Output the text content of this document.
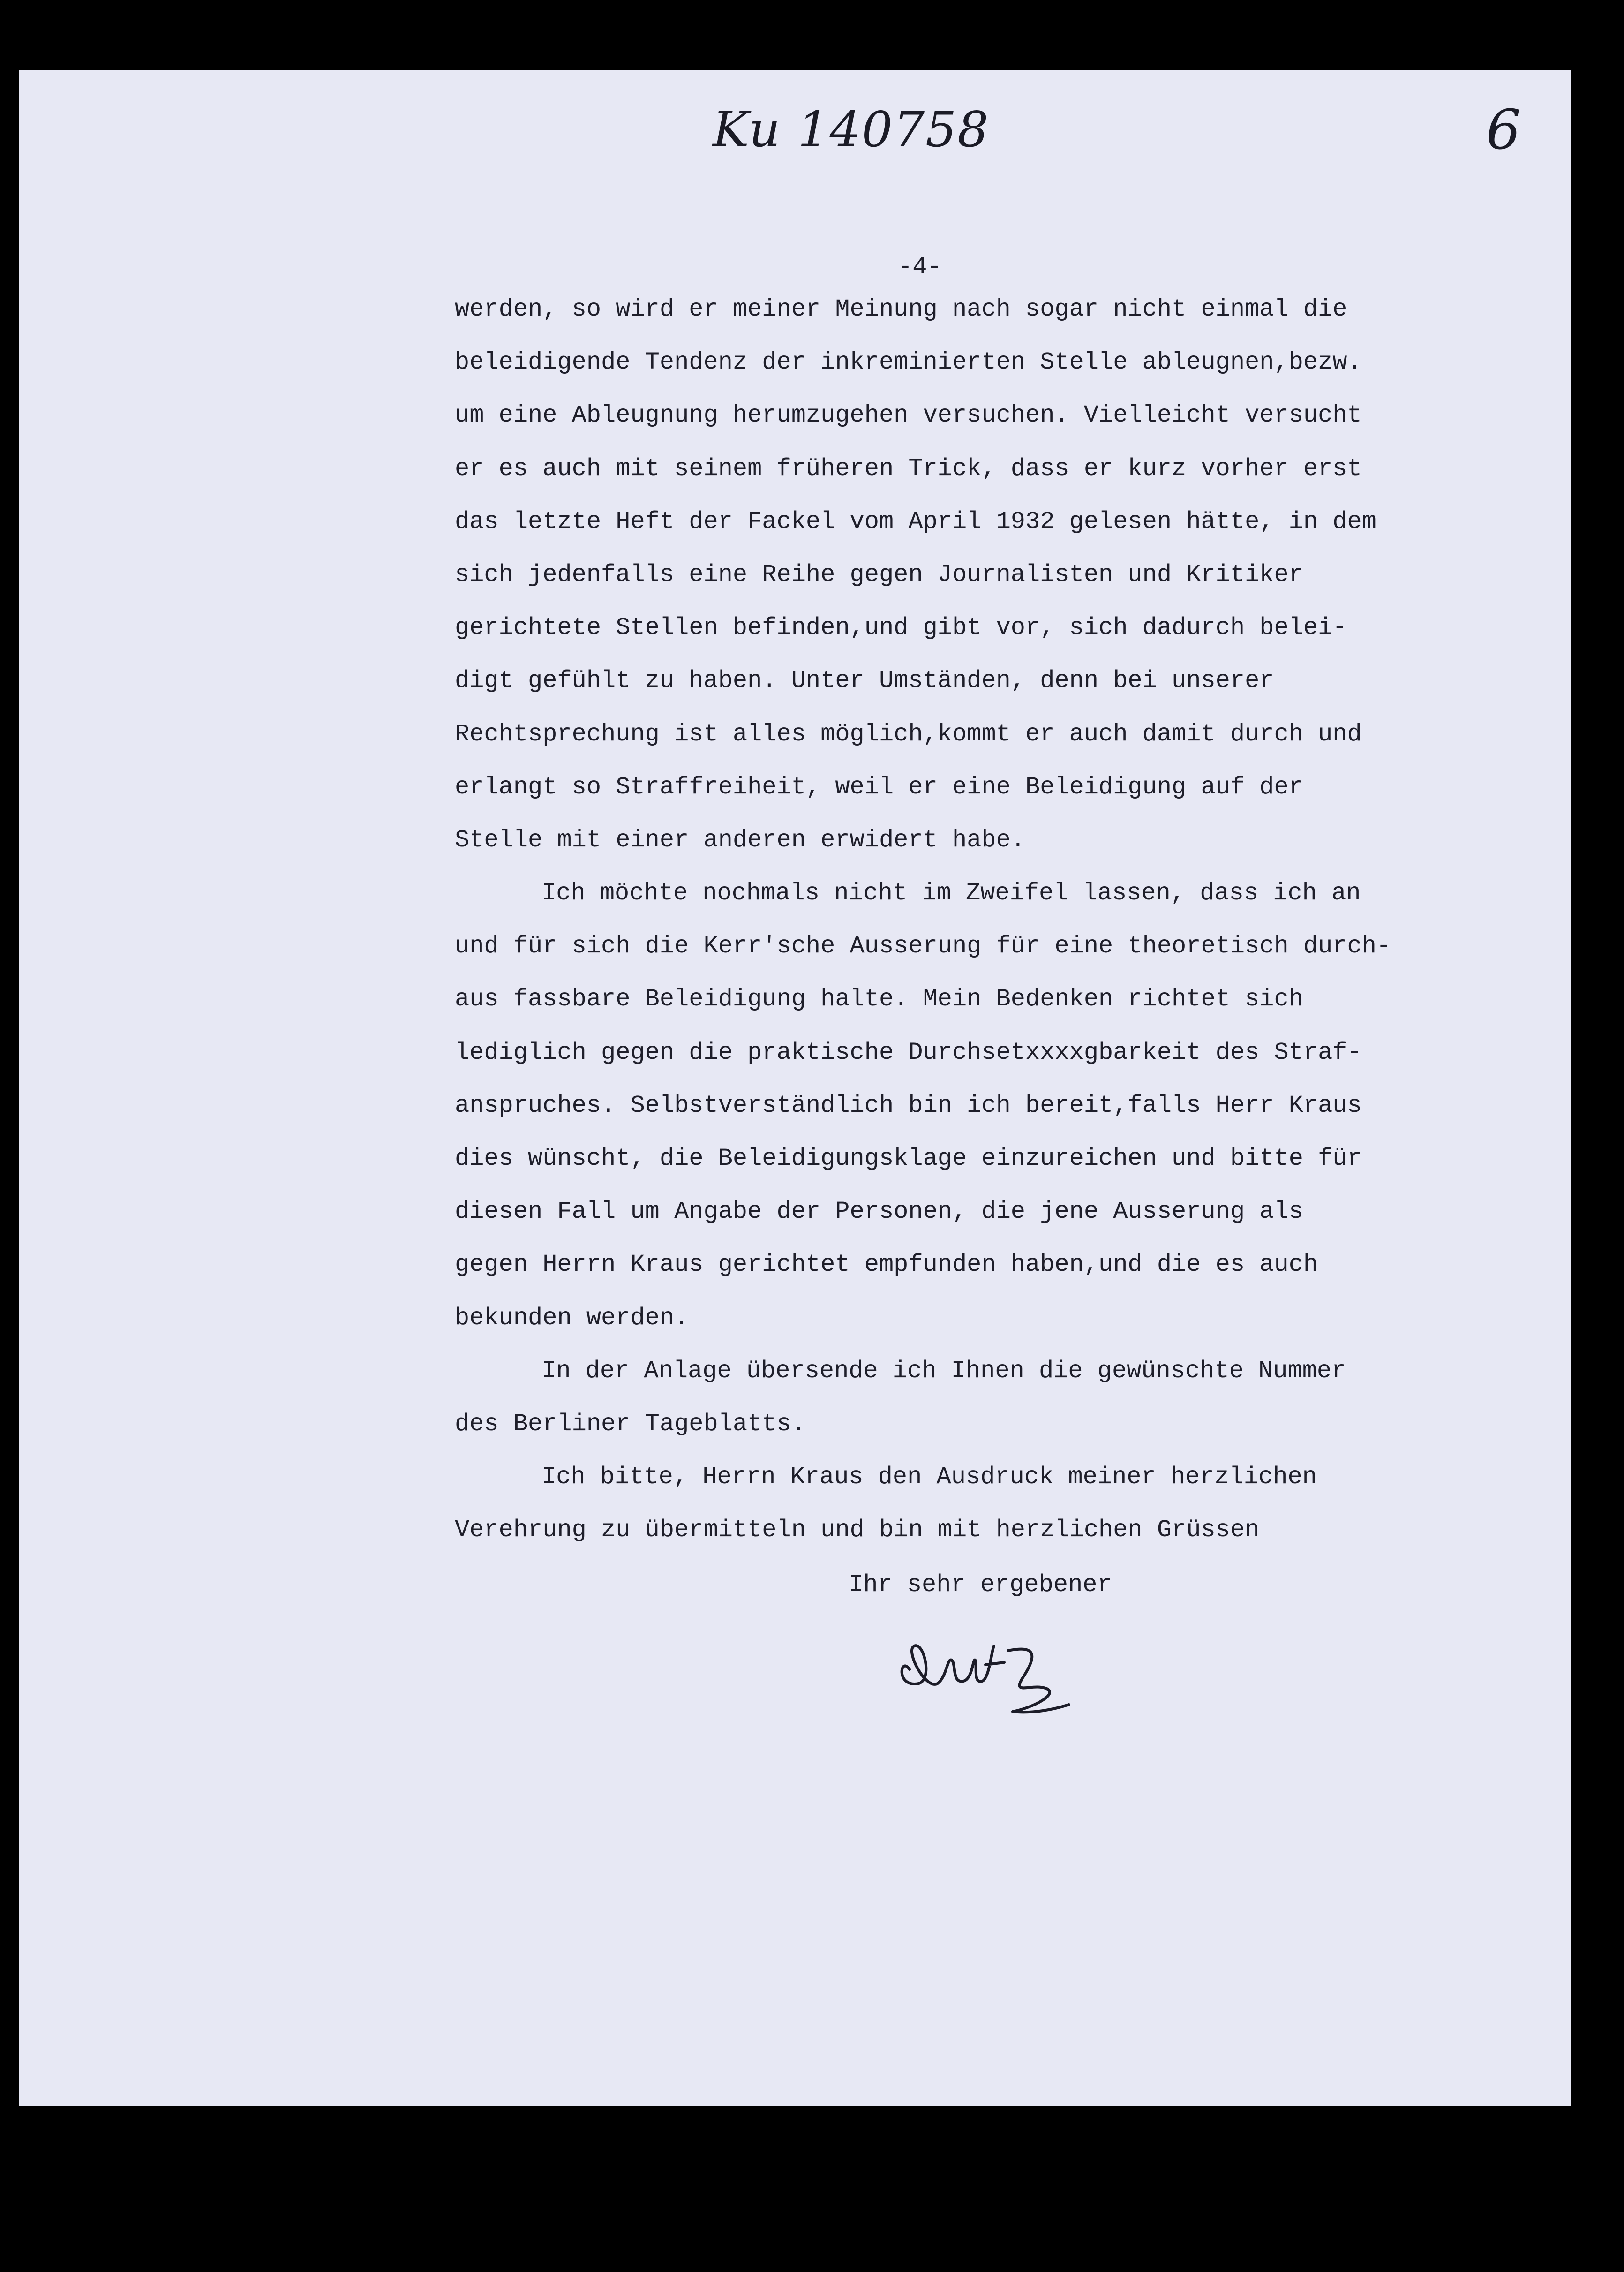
Ku 140758	6
-4-
werden, so wird er meiner Meinung nach sogar nicht einmal die
beleidigende Tendenz der inkreminierten Stelle ableugnen,bezw.
um eine Ableugnung herumzugehen versuchen. Vielleicht versucht
er es auch mit seinem früheren Trick, dass er kurz vorher erst
das letzte Heft der Fackel vom April 1932 gelesen hätte, in dem
sich jedenfalls eine Reihe gegen Journalisten und Kritiker
gerichtete Stellen befinden,und gibt vor, sich dadurch belei-
digt gefühlt zu haben. Unter Umständen, denn bei unserer
Rechtsprechung ist alles möglich,kommt er auch damit durch und
erlangt so Straffreiheit, weil er eine Beleidigung auf der
Stelle mit einer anderen erwidert habe.
Ich möchte nochmals nicht im Zweifel lassen, dass ich an
und für sich die Kerr'sche Ausserung für eine theoretisch durch-
aus fassbare Beleidigung halte. Mein Bedenken richtet sich
lediglich gegen die praktische Durchsetxxxxgbarkeit des Straf-
anspruches. Selbstverständlich bin ich bereit,falls Herr Kraus
dies wünscht, die Beleidigungsklage einzureichen und bitte für
diesen Fall um Angabe der Personen, die jene Ausserung als
gegen Herrn Kraus gerichtet empfunden haben,und die es auch
bekunden werden.
In der Anlage übersende ich Ihnen die gewünschte Nummer
des Berliner Tageblatts.
Ich bitte, Herrn Kraus den Ausdruck meiner herzlichen
Verehrung zu übermitteln und bin mit herzlichen Grüssen
Ihr sehr ergebener
